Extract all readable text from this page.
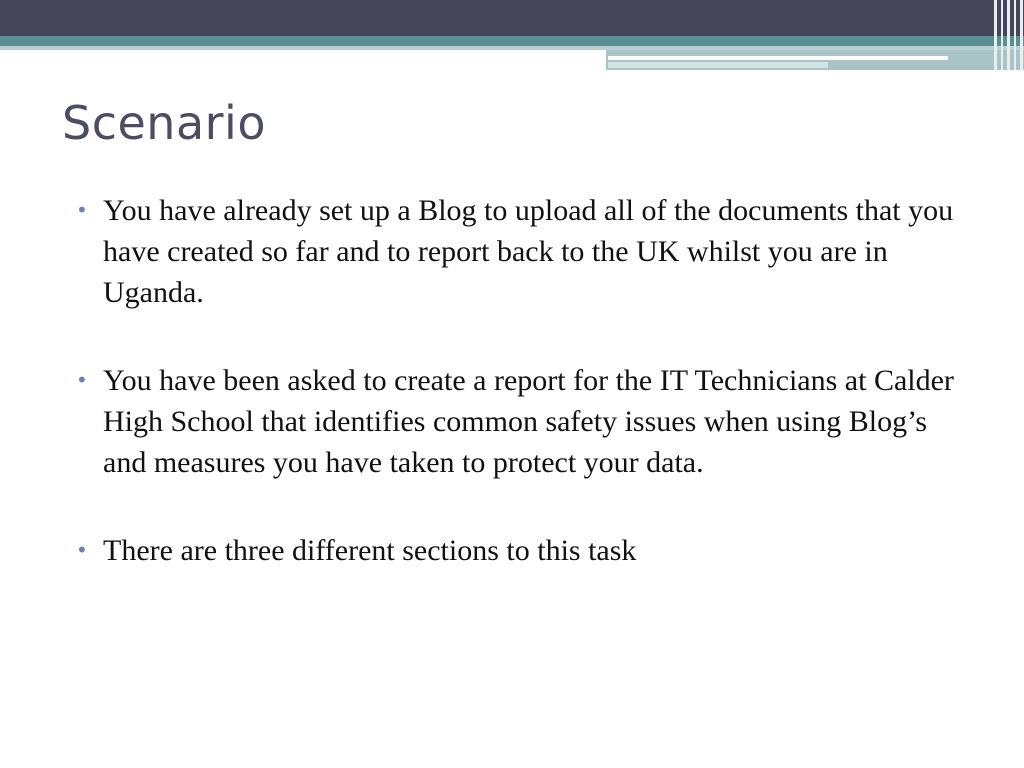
Scenario
• You have already set up a Blog to upload all of the documents that you have created so far and to report back to the UK whilst you are in Uganda.
• You have been asked to create a report for the IT Technicians at Calder High School that identifies common safety issues when using Blog’s and measures you have taken to protect your data.
• There are three different sections to this task
